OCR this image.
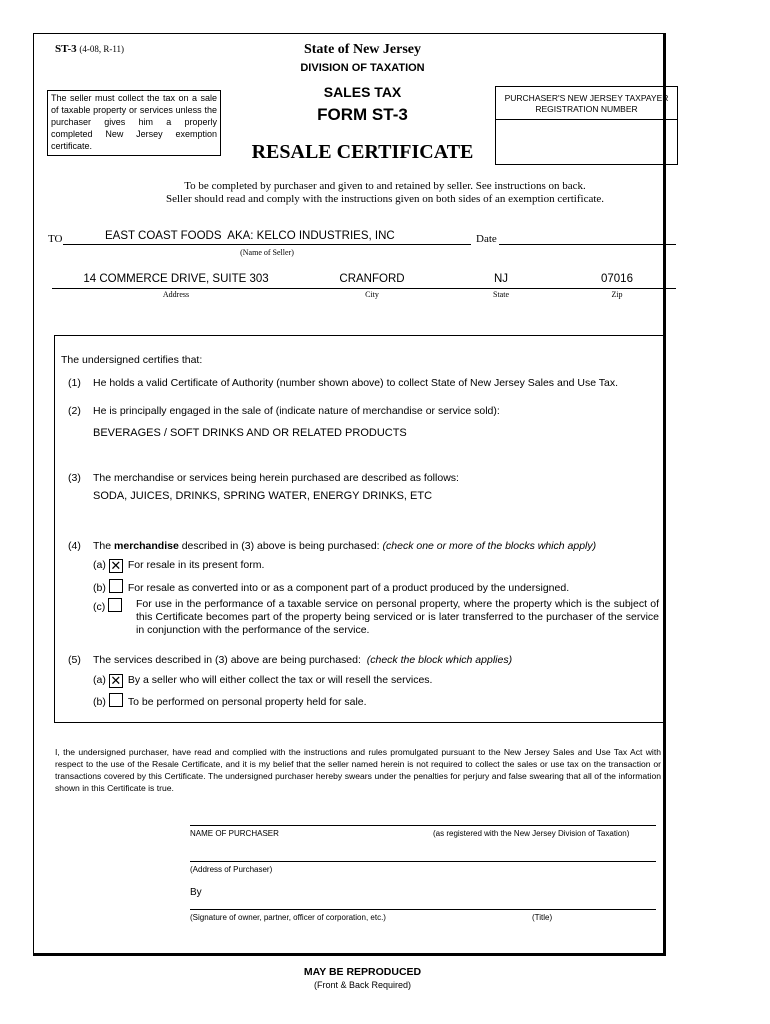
ST-3 (4-08, R-11)	State of New Jersey
DIVISION OF TAXATION
SALES TAX
FORM ST-3
RESALE CERTIFICATE
The seller must collect the tax on a sale of taxable property or services unless the purchaser gives him a properly completed New Jersey exemption certificate.
PURCHASER'S NEW JERSEY TAXPAYER REGISTRATION NUMBER
To be completed by purchaser and given to and retained by seller. See instructions on back.
Seller should read and comply with the instructions given on both sides of an exemption certificate.
TO	EAST COAST FOODS  AKA: KELCO INDUSTRIES, INC
(Name of Seller)
Date
14 COMMERCE DRIVE, SUITE 303	CRANFORD	NJ	07016
Address	City	State	Zip
The undersigned certifies that:
(1) He holds a valid Certificate of Authority (number shown above) to collect State of New Jersey Sales and Use Tax.
(2) He is principally engaged in the sale of (indicate nature of merchandise or service sold):
BEVERAGES / SOFT DRINKS AND OR RELATED PRODUCTS
(3) The merchandise or services being herein purchased are described as follows:
SODA, JUICES, DRINKS, SPRING WATER, ENERGY DRINKS, ETC
(4) The merchandise described in (3) above is being purchased: (check one or more of the blocks which apply)
(a) ✕ For resale in its present form.
(b) For resale as converted into or as a component part of a product produced by the undersigned.
(c)	For use in the performance of a taxable service on personal property, where the property which is the subject of this Certificate becomes part of the property being serviced or is later transferred to the purchaser of the service in conjunction with the performance of the service.
(5) The services described in (3) above are being purchased: (check the block which applies)
(a) ✕ By a seller who will either collect the tax or will resell the services.
(b) To be performed on personal property held for sale.
I, the undersigned purchaser, have read and complied with the instructions and rules promulgated pursuant to the New Jersey Sales and Use Tax Act with respect to the use of the Resale Certificate, and it is my belief that the seller named herein is not required to collect the sales or use tax on the transaction or transactions covered by this Certificate. The undersigned purchaser hereby swears under the penalties for perjury and false swearing that all of the information shown in this Certificate is true.
NAME OF PURCHASER	(as registered with the New Jersey Division of Taxation)
(Address of Purchaser)
By
(Signature of owner, partner, officer of corporation, etc.)	(Title)
MAY BE REPRODUCED
(Front & Back Required)
